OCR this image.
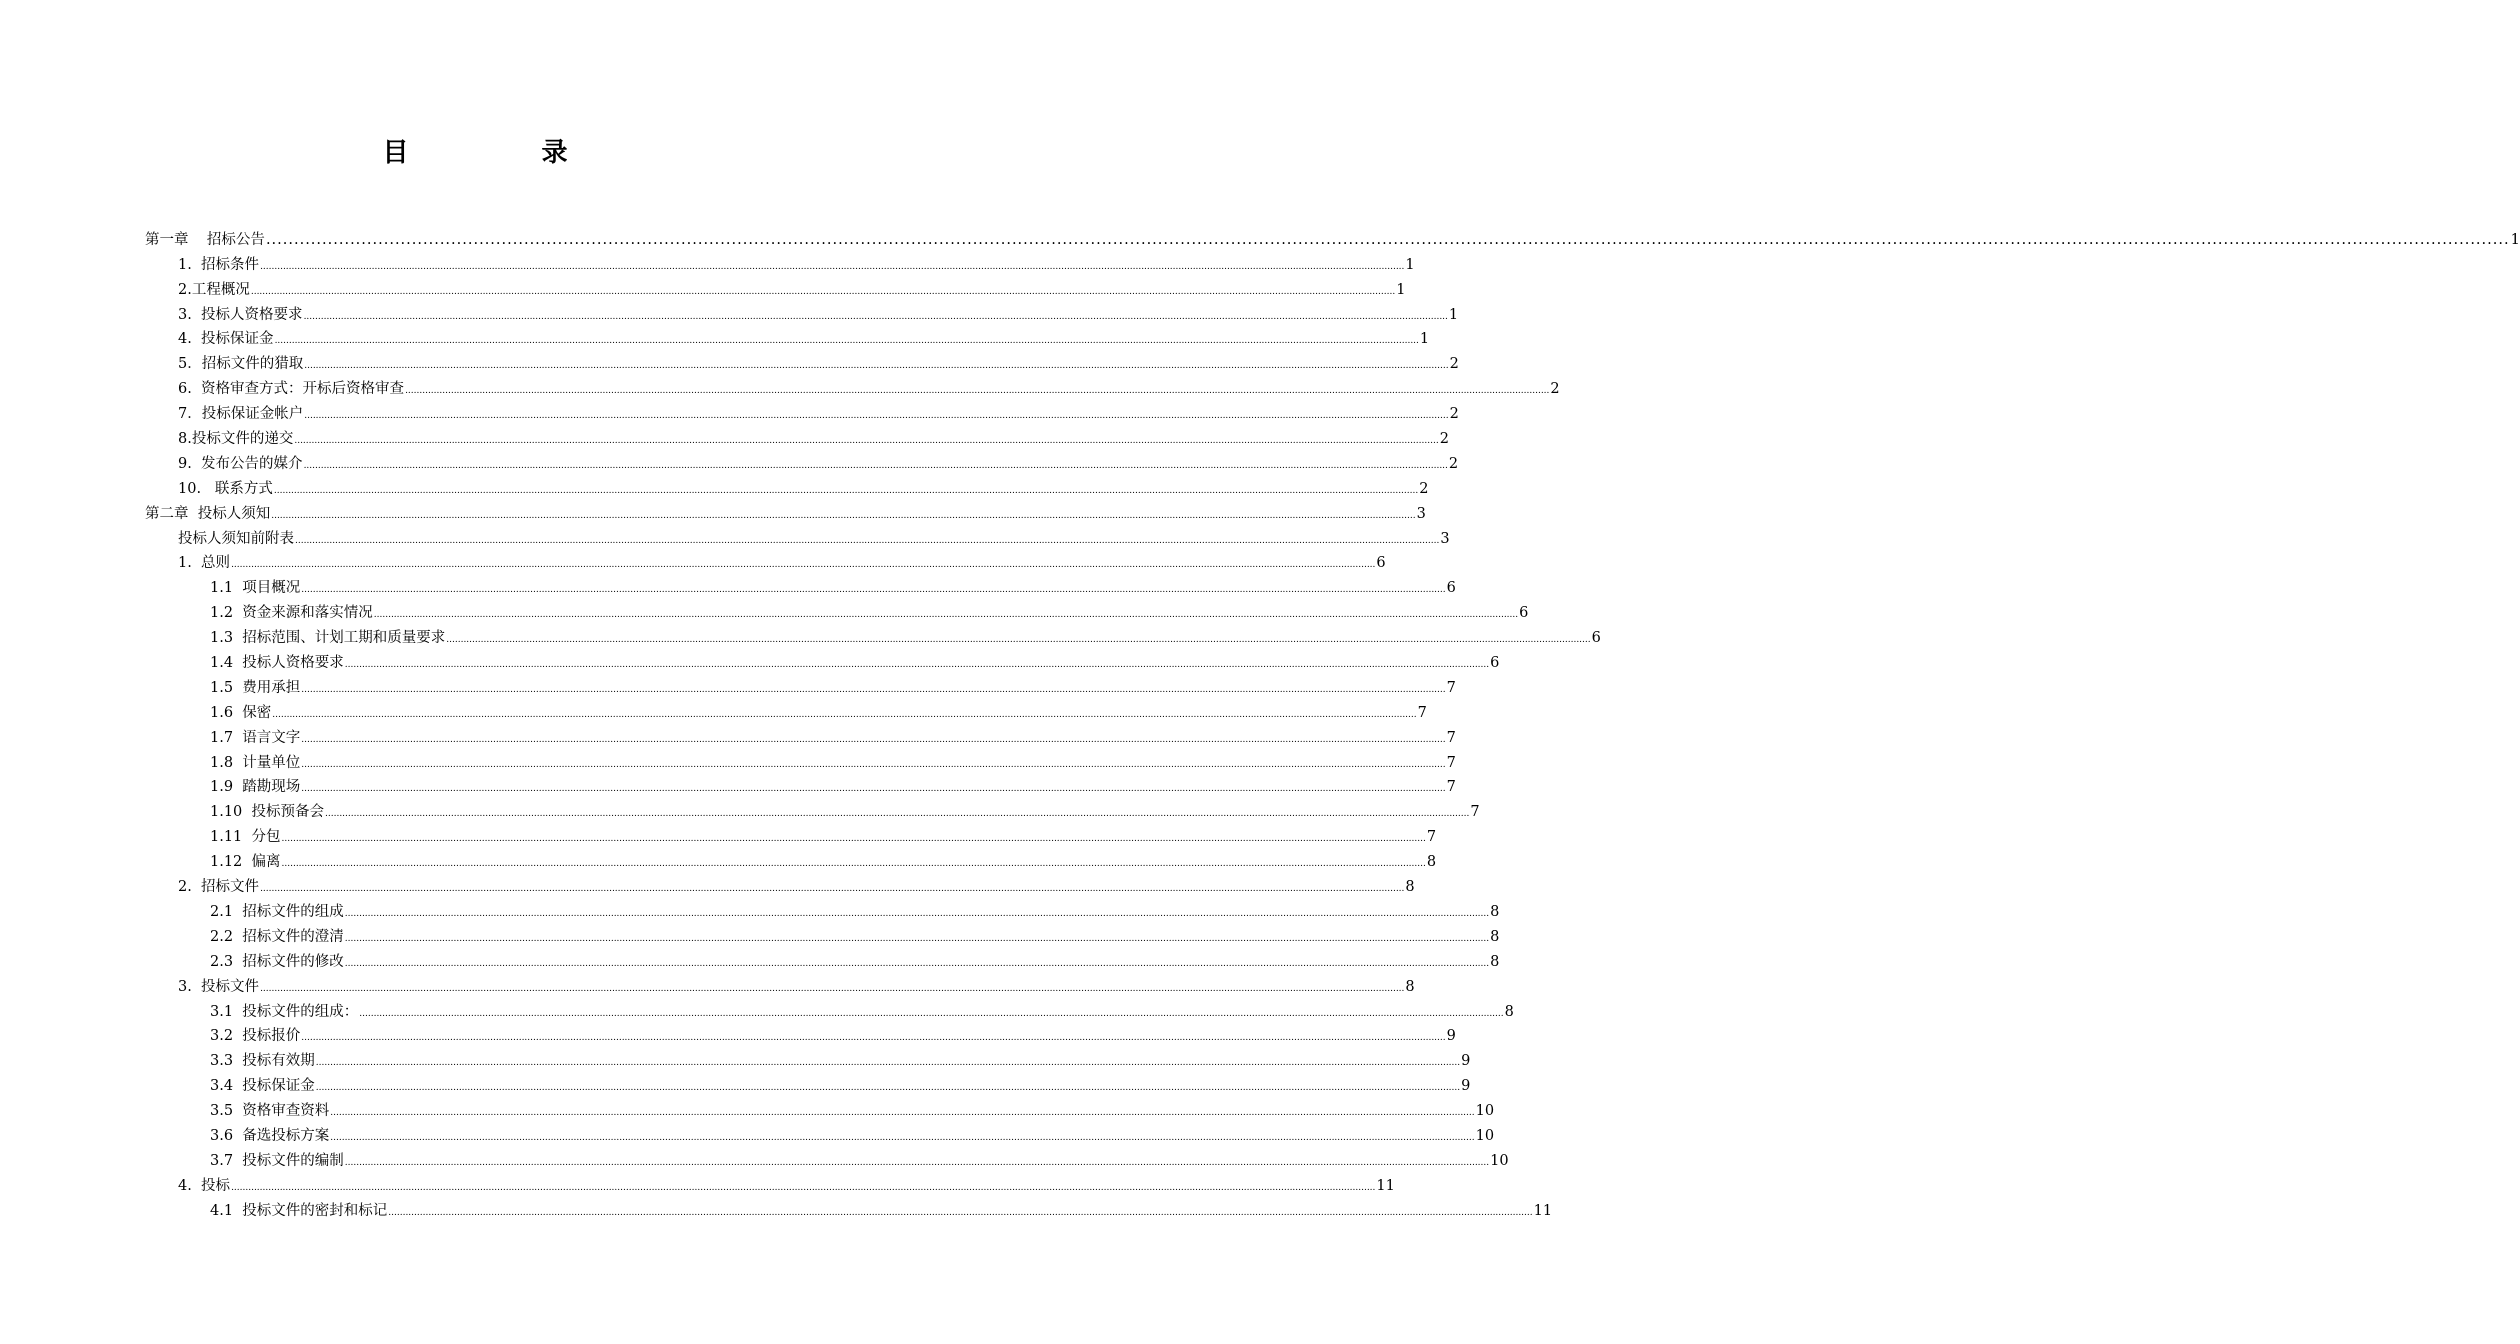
目 录
第一章    招标公告 ................................................................................................................................................................................................................................................................................................................................................................................................................ 1
1.  招标条件 ................................................................................................................................................................................................................................................................................................................................................................................................................ 1
2.工程概况 ................................................................................................................................................................................................................................................................................................................................................................................................................ 1
3.  投标人资格要求 ................................................................................................................................................................................................................................................................................................................................................................................................................ 1
4.  投标保证金 ................................................................................................................................................................................................................................................................................................................................................................................................................ 1
5．招标文件的猎取 ................................................................................................................................................................................................................................................................................................................................................................................................................ 2
6.  资格审查方式：开标后资格审查 ................................................................................................................................................................................................................................................................................................................................................................................................................ 2
7．投标保证金帐户 ................................................................................................................................................................................................................................................................................................................................................................................................................ 2
8.投标文件的递交 ................................................................................................................................................................................................................................................................................................................................................................................................................ 2
9.  发布公告的媒介 ................................................................................................................................................................................................................................................................................................................................................................................................................ 2
10.   联系方式 ................................................................................................................................................................................................................................................................................................................................................................................................................ 2
第二章  投标人须知 ................................................................................................................................................................................................................................................................................................................................................................................................................ 3
投标人须知前附表 ................................................................................................................................................................................................................................................................................................................................................................................................................ 3
1.  总则 ................................................................................................................................................................................................................................................................................................................................................................................................................ 6
1.1  项目概况 ................................................................................................................................................................................................................................................................................................................................................................................................................ 6
1.2  资金来源和落实情况 ................................................................................................................................................................................................................................................................................................................................................................................................................ 6
1.3  招标范围、计划工期和质量要求 ................................................................................................................................................................................................................................................................................................................................................................................................................ 6
1.4  投标人资格要求 ................................................................................................................................................................................................................................................................................................................................................................................................................ 6
1.5  费用承担 ................................................................................................................................................................................................................................................................................................................................................................................................................ 7
1.6  保密 ................................................................................................................................................................................................................................................................................................................................................................................................................ 7
1.7  语言文字 ................................................................................................................................................................................................................................................................................................................................................................................................................ 7
1.8  计量单位 ................................................................................................................................................................................................................................................................................................................................................................................................................ 7
1.9  踏勘现场 ................................................................................................................................................................................................................................................................................................................................................................................................................ 7
1.10  投标预备会 ................................................................................................................................................................................................................................................................................................................................................................................................................ 7
1.11  分包 ................................................................................................................................................................................................................................................................................................................................................................................................................ 7
1.12  偏离 ................................................................................................................................................................................................................................................................................................................................................................................................................ 8
2.  招标文件 ................................................................................................................................................................................................................................................................................................................................................................................................................ 8
2.1  招标文件的组成 ................................................................................................................................................................................................................................................................................................................................................................................................................ 8
2.2  招标文件的澄清 ................................................................................................................................................................................................................................................................................................................................................................................................................ 8
2.3  招标文件的修改 ................................................................................................................................................................................................................................................................................................................................................................................................................ 8
3.  投标文件 ................................................................................................................................................................................................................................................................................................................................................................................................................ 8
3.1  投标文件的组成： ................................................................................................................................................................................................................................................................................................................................................................................................................ 8
3.2  投标报价 ................................................................................................................................................................................................................................................................................................................................................................................................................ 9
3.3  投标有效期 ................................................................................................................................................................................................................................................................................................................................................................................................................ 9
3.4  投标保证金 ................................................................................................................................................................................................................................................................................................................................................................................................................ 9
3.5  资格审查资料 ................................................................................................................................................................................................................................................................................................................................................................................................................ 10
3.6  备选投标方案 ................................................................................................................................................................................................................................................................................................................................................................................................................ 10
3.7  投标文件的编制 ................................................................................................................................................................................................................................................................................................................................................................................................................ 10
4.  投标 ................................................................................................................................................................................................................................................................................................................................................................................................................ 11
4.1  投标文件的密封和标记 ................................................................................................................................................................................................................................................................................................................................................................................................................ 11
